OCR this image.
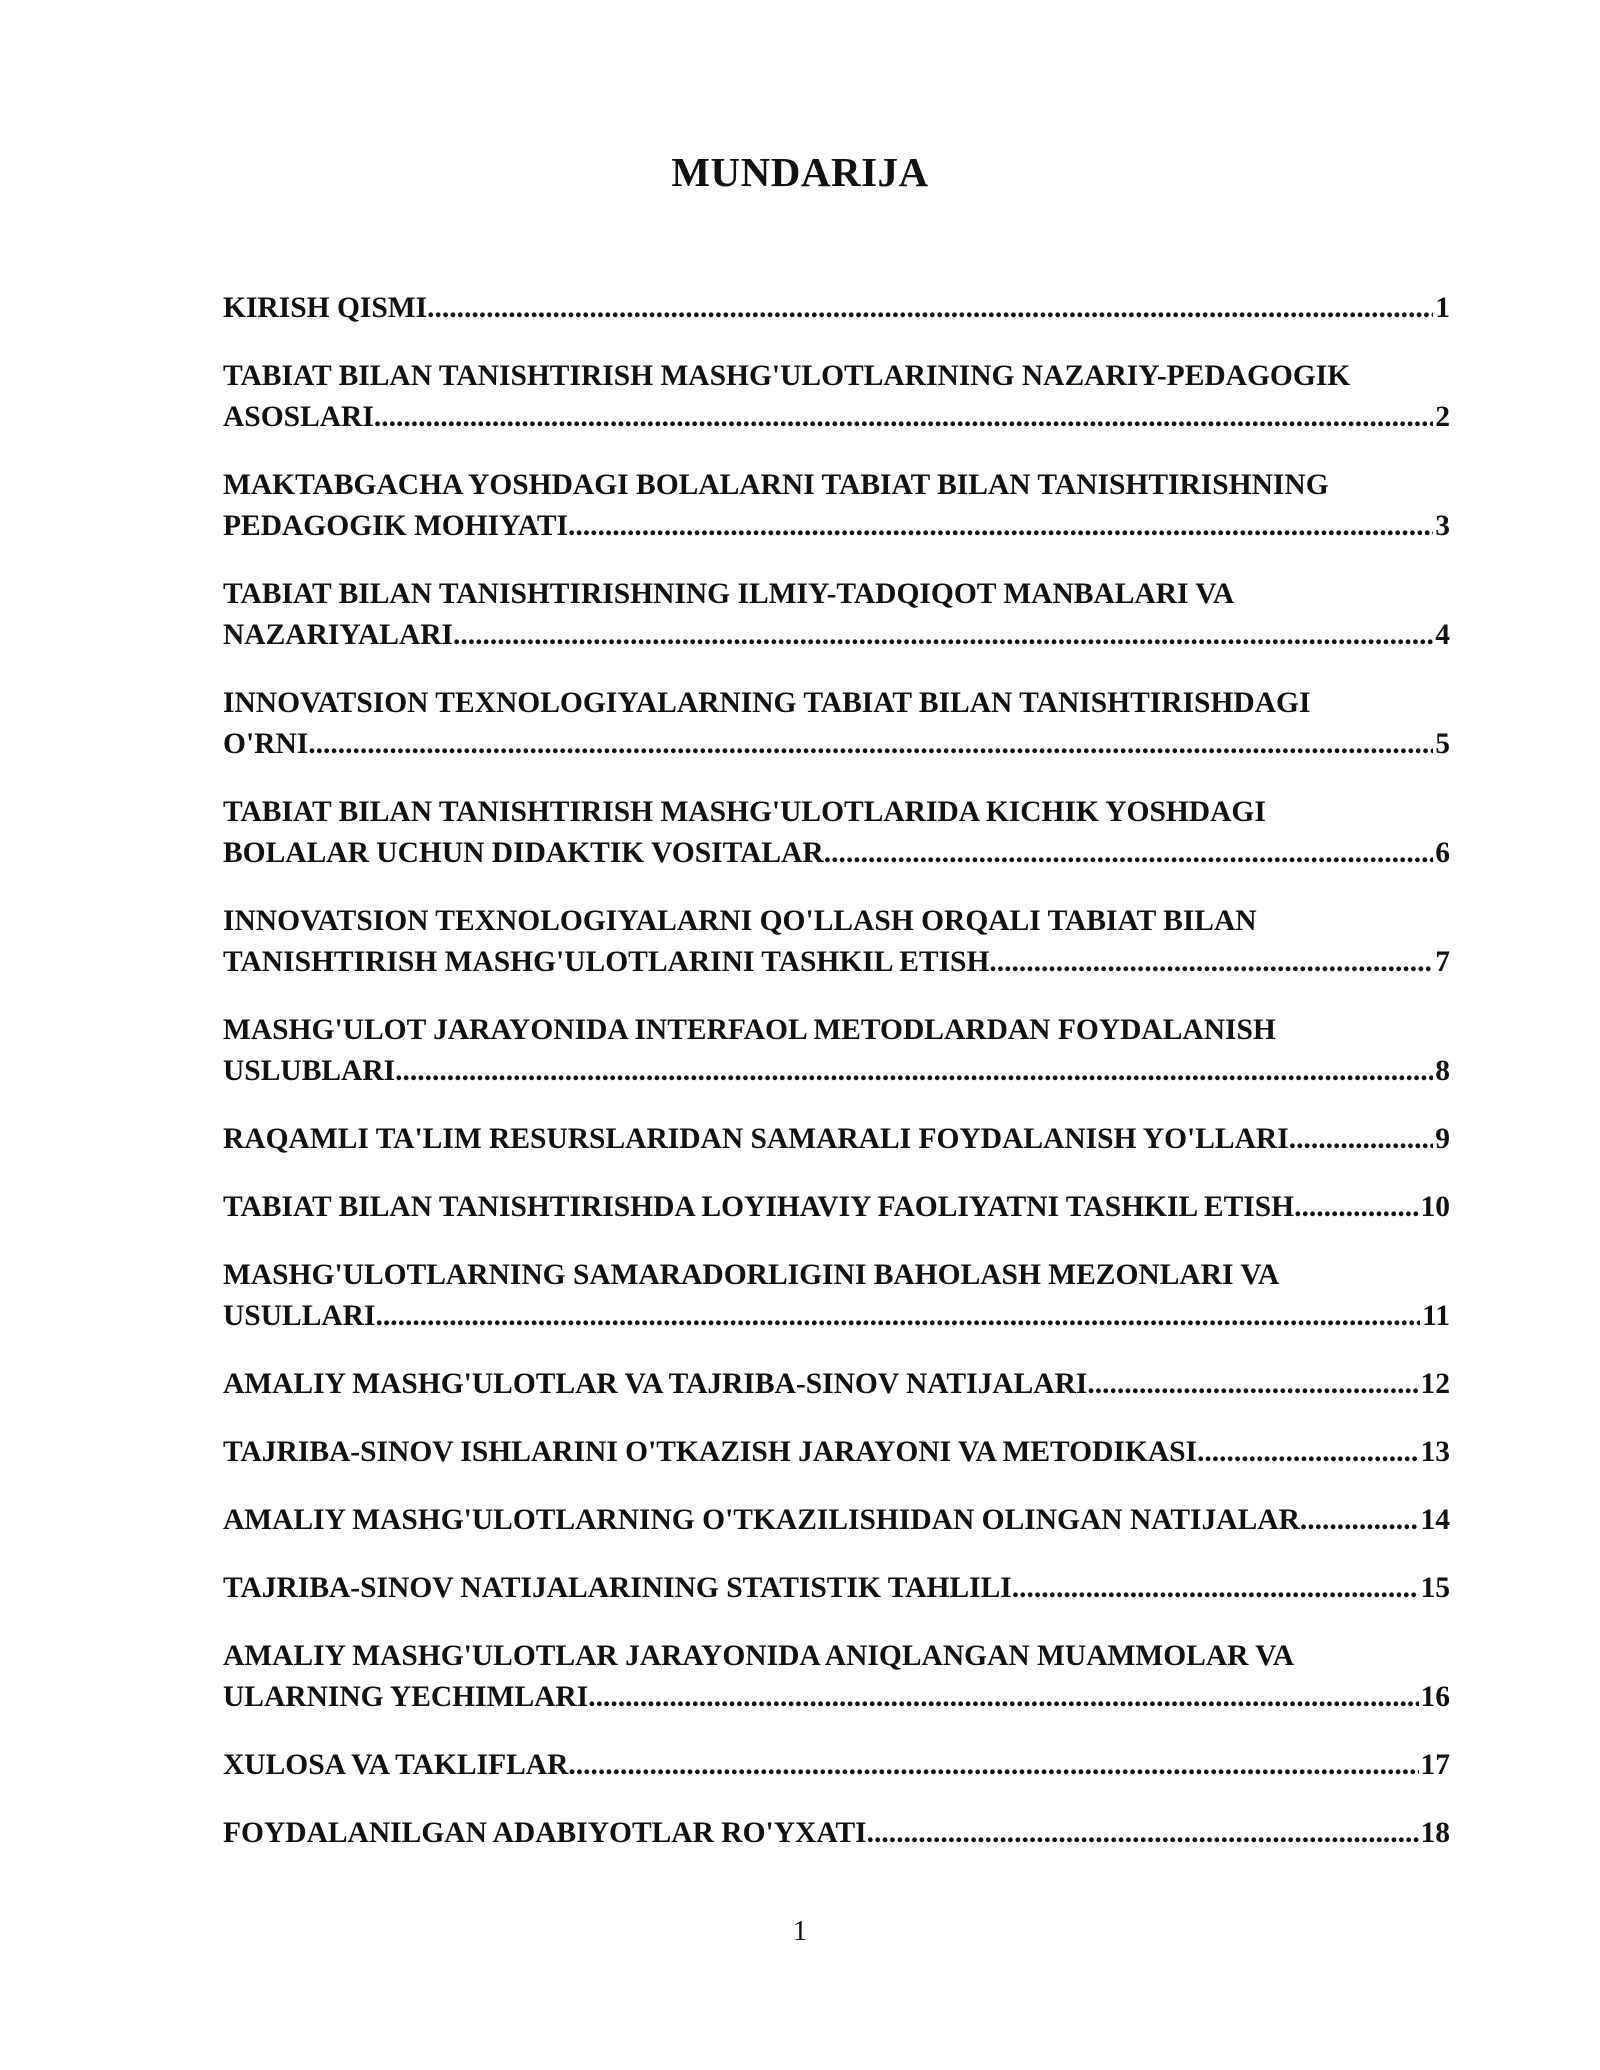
MUNDARIJA
KIRISH QISMI .....	1
TABIAT BILAN TANISHTIRISH MASHG'ULOTLARINING NAZARIY-PEDAGOGIK
ASOSLARI .....	2
MAKTABGACHA YOSHDAGI BOLALARNI TABIAT BILAN TANISHTIRISHNING
PEDAGOGIK MOHIYATI .....	3
TABIAT BILAN TANISHTIRISHNING ILMIY-TADQIQOT MANBALARI VA
NAZARIYALARI .....	4
INNOVATSION TEXNOLOGIYALARNING TABIAT BILAN TANISHTIRISHDAGI
O'RNI .....	5
TABIAT BILAN TANISHTIRISH MASHG'ULOTLARIDA KICHIK YOSHDAGI
BOLALAR UCHUN DIDAKTIK VOSITALAR .....	6
INNOVATSION TEXNOLOGIYALARNI QO'LLASH ORQALI TABIAT BILAN
TANISHTIRISH MASHG'ULOTLARINI TASHKIL ETISH .....	7
MASHG'ULOT JARAYONIDA INTERFAOL METODLARDAN FOYDALANISH
USLUBLARI .....	8
RAQAMLI TA'LIM RESURSLARIDAN SAMARALI FOYDALANISH YO'LLARI .....	9
TABIAT BILAN TANISHTIRISHDA LOYIHAVIY FAOLIYATNI TASHKIL ETISH .....	10
MASHG'ULOTLARNING SAMARADORLIGINI BAHOLASH MEZONLARI VA
USULLARI .....	11
AMALIY MASHG'ULOTLAR VA TAJRIBA-SINOV NATIJALARI .....	12
TAJRIBA-SINOV ISHLARINI O'TKAZISH JARAYONI VA METODIKASI .....	13
AMALIY MASHG'ULOTLARNING O'TKAZILISHIDAN OLINGAN NATIJALAR .....	14
TAJRIBA-SINOV NATIJALARINING STATISTIK TAHLILI .....	15
AMALIY MASHG'ULOTLAR JARAYONIDA ANIQLANGAN MUAMMOLAR VA
ULARNING YECHIMLARI .....	16
XULOSA VA TAKLIFLAR .....	17
FOYDALANILGAN ADABIYOTLAR RO'YXATI .....	18
1
